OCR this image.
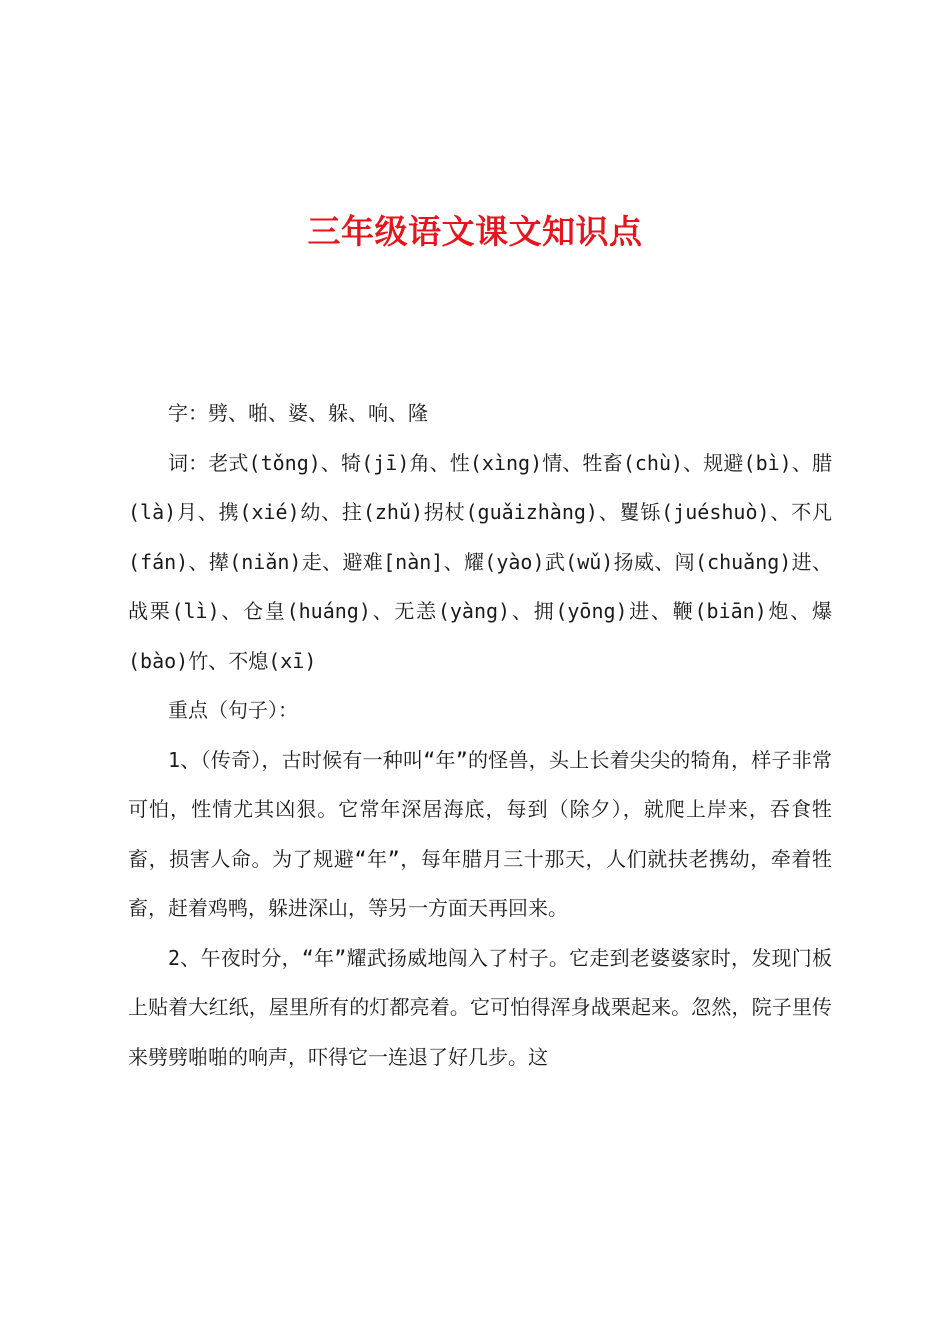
三年级语文课文知识点

字：劈、啪、婆、躲、响、隆

词：老式(tǒng)、犄(jī)角、性(xìng)情、牲畜(chù)、规避(bì)、腊(là)月、携(xié)幼、拄(zhǔ)拐杖(guǎizhàng)、矍铄(juéshuò)、不凡(fán)、撵(niǎn)走、避难[nàn]、耀(yào)武(wǔ)扬威、闯(chuǎng)进、战栗(lì)、仓皇(huáng)、无恙(yàng)、拥(yōng)进、鞭(biān)炮、爆(bào)竹、不熄(xī)

重点（句子）：

1、（传奇），古时候有一种叫“年”的怪兽，头上长着尖尖的犄角，样子非常可怕，性情尤其凶狠。它常年深居海底，每到（除夕），就爬上岸来，吞食牲畜，损害人命。为了规避“年”，每年腊月三十那天，人们就扶老携幼，牵着牲畜，赶着鸡鸭，躲进深山，等另一方面天再回来。

2、午夜时分，“年”耀武扬威地闯入了村子。它走到老婆婆家时，发现门板上贴着大红纸，屋里所有的灯都亮着。它可怕得浑身战栗起来。忽然，院子里传来劈劈啪啪的响声，吓得它一连退了好几步。这
